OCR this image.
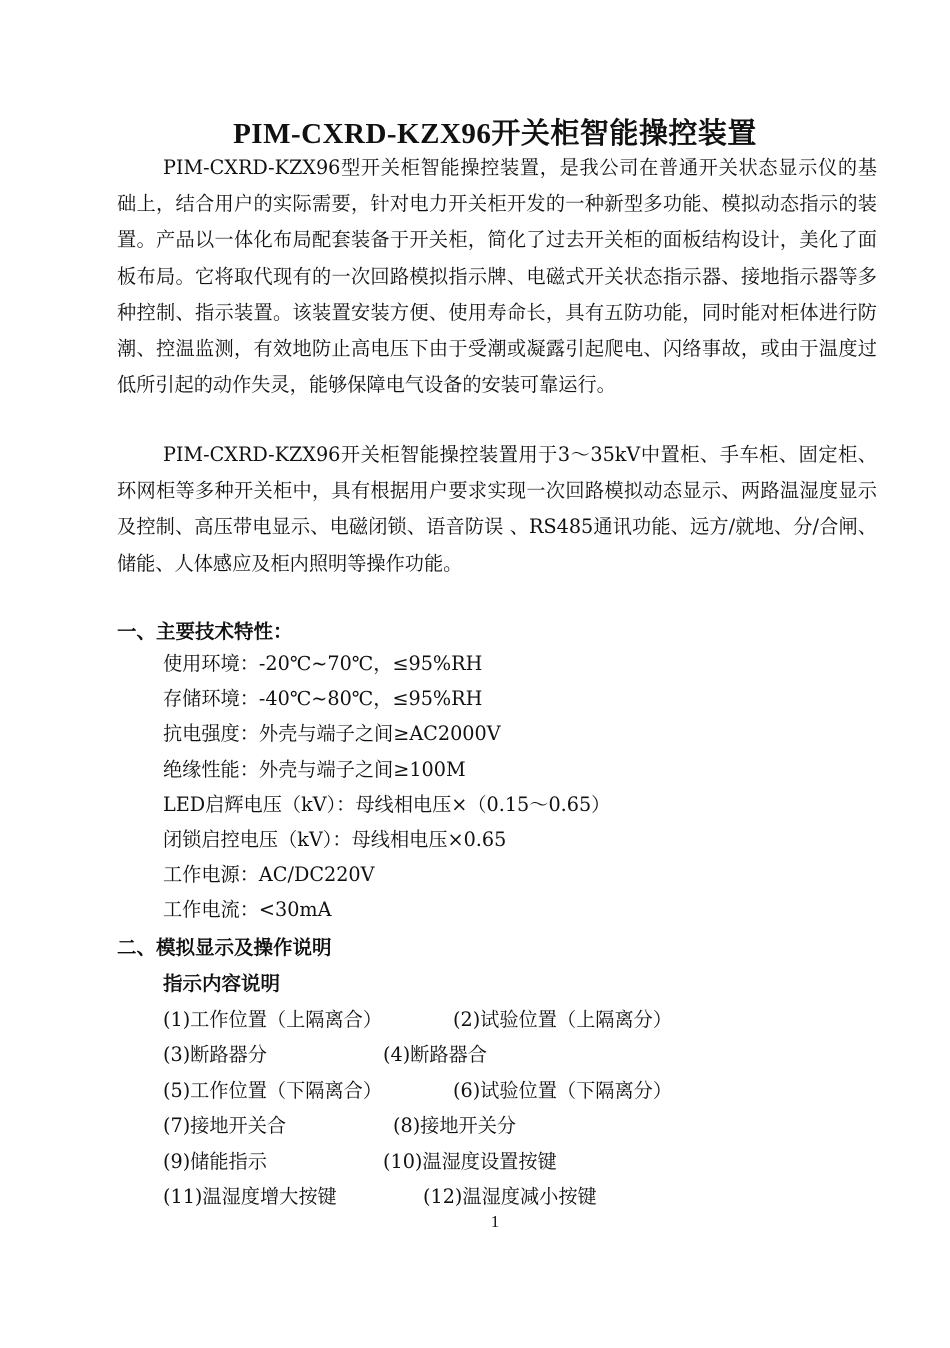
PIM-CXRD-KZX96开关柜智能操控装置

PIM-CXRD-KZX96型开关柜智能操控装置，是我公司在普通开关状态显示仪的基础上，结合用户的实际需要，针对电力开关柜开发的一种新型多功能、模拟动态指示的装置。产品以一体化布局配套装备于开关柜，简化了过去开关柜的面板结构设计，美化了面板布局。它将取代现有的一次回路模拟指示牌、电磁式开关状态指示器、接地指示器等多种控制、指示装置。该装置安装方便、使用寿命长，具有五防功能，同时能对柜体进行防潮、控温监测，有效地防止高电压下由于受潮或凝露引起爬电、闪络事故，或由于温度过低所引起的动作失灵，能够保障电气设备的安装可靠运行。

PIM-CXRD-KZX96开关柜智能操控装置用于3～35kV中置柜、手车柜、固定柜、环网柜等多种开关柜中，具有根据用户要求实现一次回路模拟动态显示、两路温湿度显示及控制、高压带电显示、电磁闭锁、语音防误 、RS485通讯功能、远方/就地、分/合闸、储能、人体感应及柜内照明等操作功能。

一、主要技术特性：
使用环境：-20℃~70℃，≤95%RH
存储环境：-40℃~80℃，≤95%RH
抗电强度：外壳与端子之间≥AC2000V
绝缘性能：外壳与端子之间≥100M
LED启辉电压（kV）：母线相电压×（0.15～0.65）
闭锁启控电压（kV）：母线相电压×0.65
工作电源：AC/DC220V
工作电流：<30mA
二、模拟显示及操作说明
指示内容说明
(1)工作位置（上隔离合）	(2)试验位置（上隔离分）
(3)断路器分	(4)断路器合
(5)工作位置（下隔离合）	(6)试验位置（下隔离分）
(7)接地开关合	(8)接地开关分
(9)储能指示	(10)温湿度设置按键
(11)温湿度增大按键	(12)温湿度减小按键
1
